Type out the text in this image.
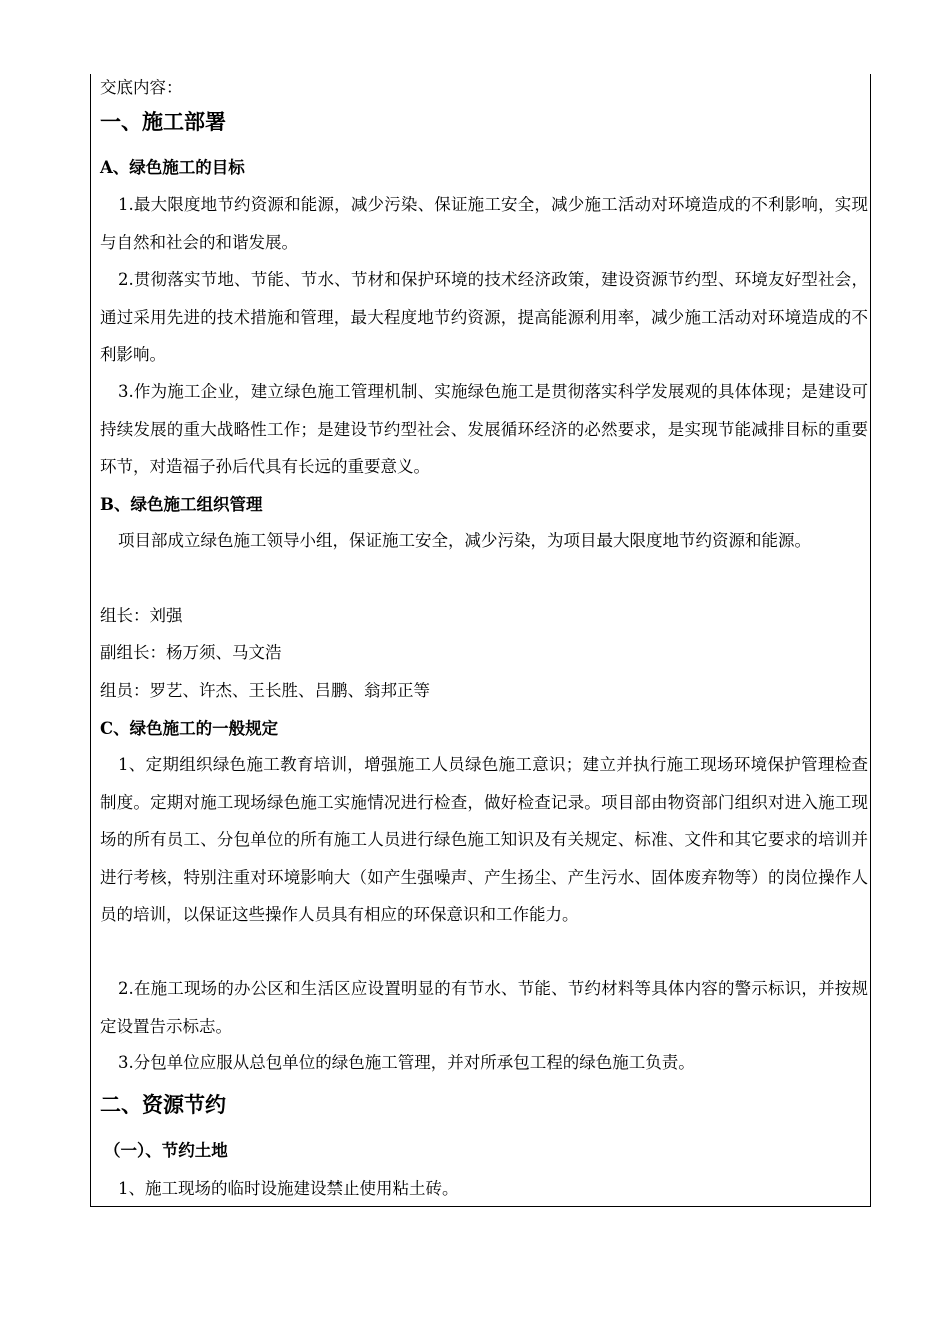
交底内容：
一、施工部署
A、绿色施工的目标
1.最大限度地节约资源和能源，减少污染、保证施工安全，减少施工活动对环境造成的不利影响，实现与自然和社会的和谐发展。
2.贯彻落实节地、节能、节水、节材和保护环境的技术经济政策，建设资源节约型、环境友好型社会，通过采用先进的技术措施和管理，最大程度地节约资源，提高能源利用率，减少施工活动对环境造成的不利影响。
3.作为施工企业，建立绿色施工管理机制、实施绿色施工是贯彻落实科学发展观的具体体现；是建设可持续发展的重大战略性工作；是建设节约型社会、发展循环经济的必然要求，是实现节能减排目标的重要环节，对造福子孙后代具有长远的重要意义。
B、绿色施工组织管理
项目部成立绿色施工领导小组，保证施工安全，减少污染，为项目最大限度地节约资源和能源。
组长：刘强
副组长：杨万须、马文浩
组员：罗艺、许杰、王长胜、吕鹏、翁邦正等
C、绿色施工的一般规定
1、定期组织绿色施工教育培训，增强施工人员绿色施工意识；建立并执行施工现场环境保护管理检查制度。定期对施工现场绿色施工实施情况进行检查，做好检查记录。项目部由物资部门组织对进入施工现场的所有员工、分包单位的所有施工人员进行绿色施工知识及有关规定、标准、文件和其它要求的培训并进行考核，特别注重对环境影响大（如产生强噪声、产生扬尘、产生污水、固体废弃物等）的岗位操作人员的培训，以保证这些操作人员具有相应的环保意识和工作能力。
2.在施工现场的办公区和生活区应设置明显的有节水、节能、节约材料等具体内容的警示标识，并按规定设置告示标志。
3.分包单位应服从总包单位的绿色施工管理，并对所承包工程的绿色施工负责。
二、资源节约
（一）、节约土地
1、施工现场的临时设施建设禁止使用粘土砖。
